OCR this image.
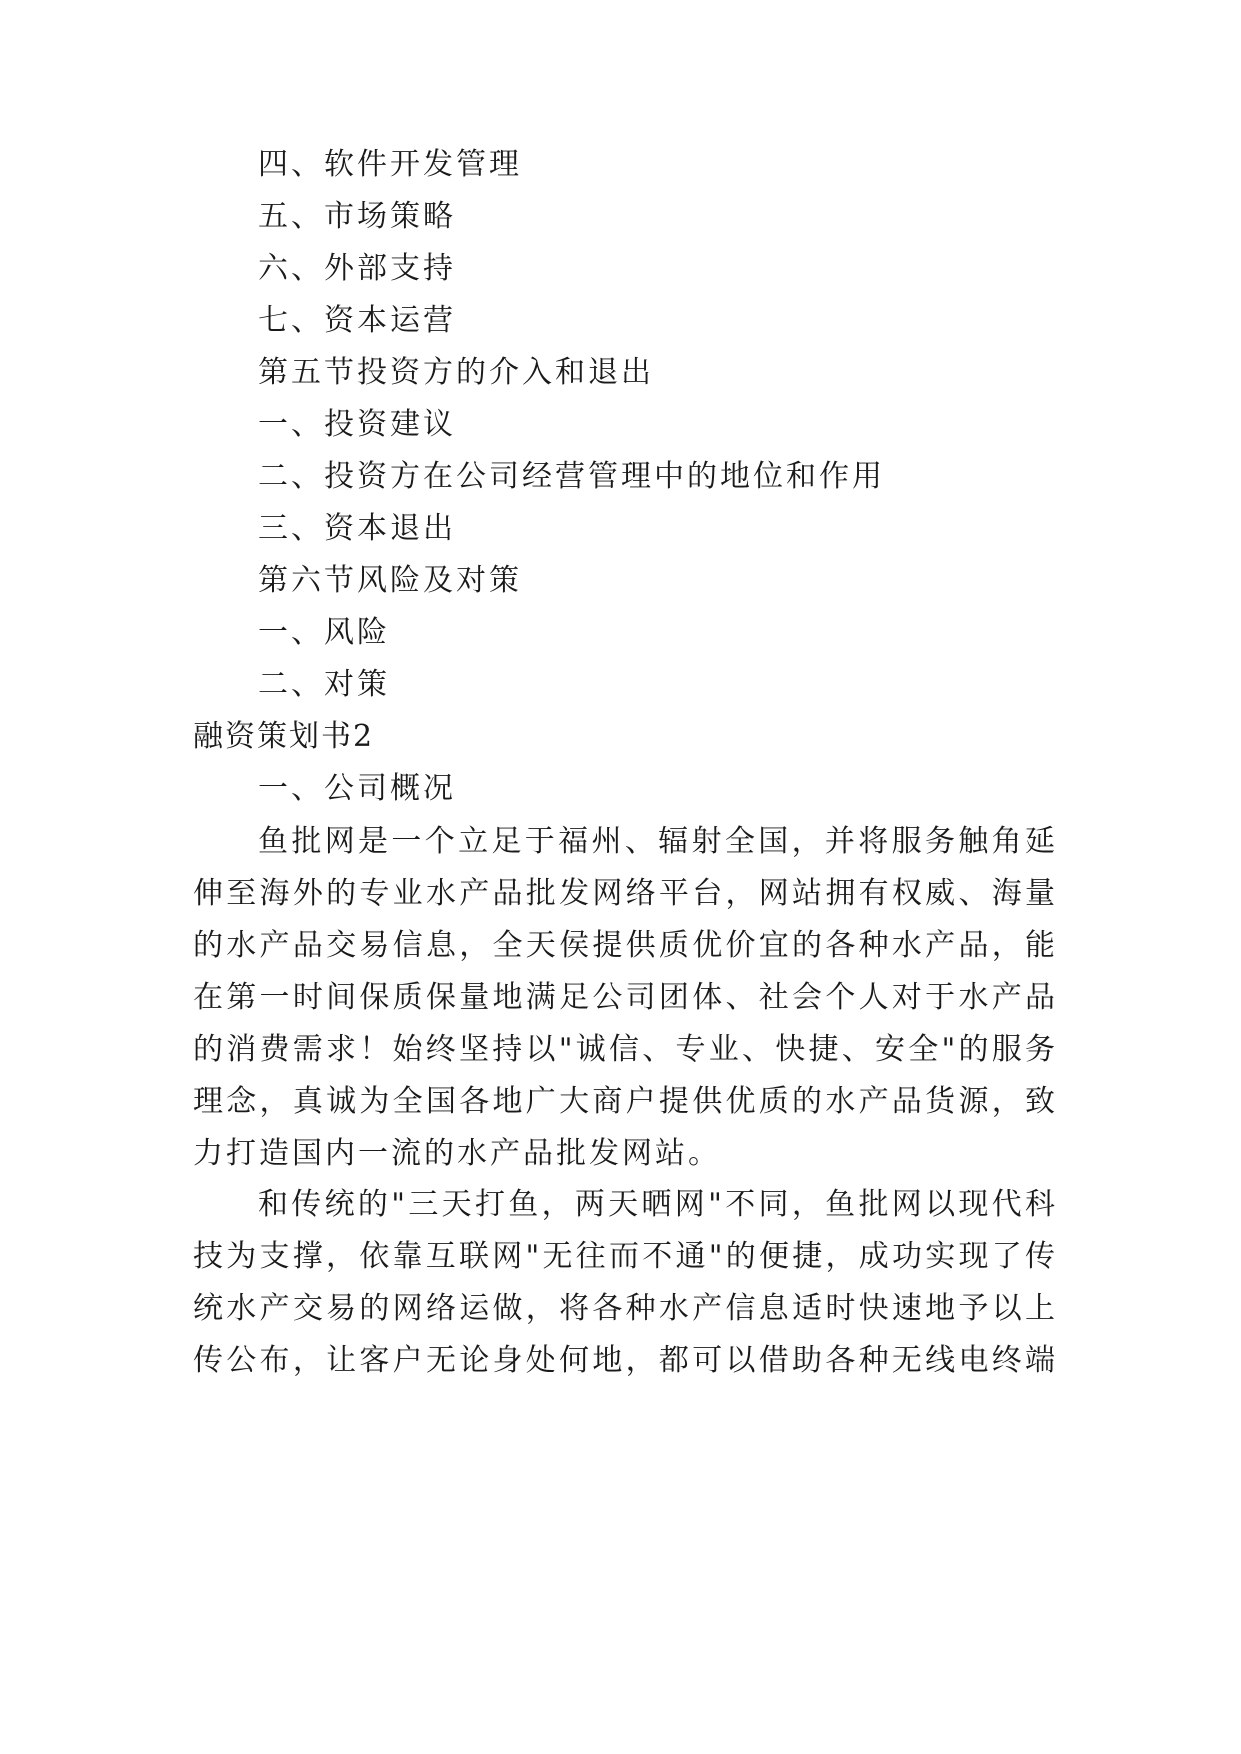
四、软件开发管理
五、市场策略
六、外部支持
七、资本运营
第五节投资方的介入和退出
一、投资建议
二、投资方在公司经营管理中的地位和作用
三、资本退出
第六节风险及对策
一、风险
二、对策
融资策划书2
一、公司概况
鱼批网是一个立足于福州、辐射全国，并将服务触角延
伸至海外的专业水产品批发网络平台，网站拥有权威、海量
的水产品交易信息，全天侯提供质优价宜的各种水产品，能
在第一时间保质保量地满足公司团体、社会个人对于水产品
的消费需求！始终坚持以"诚信、专业、快捷、安全"的服务
理念，真诚为全国各地广大商户提供优质的水产品货源，致
力打造国内一流的水产品批发网站。
和传统的"三天打鱼，两天晒网"不同，鱼批网以现代科
技为支撑，依靠互联网"无往而不通"的便捷，成功实现了传
统水产交易的网络运做，将各种水产信息适时快速地予以上
传公布，让客户无论身处何地，都可以借助各种无线电终端
